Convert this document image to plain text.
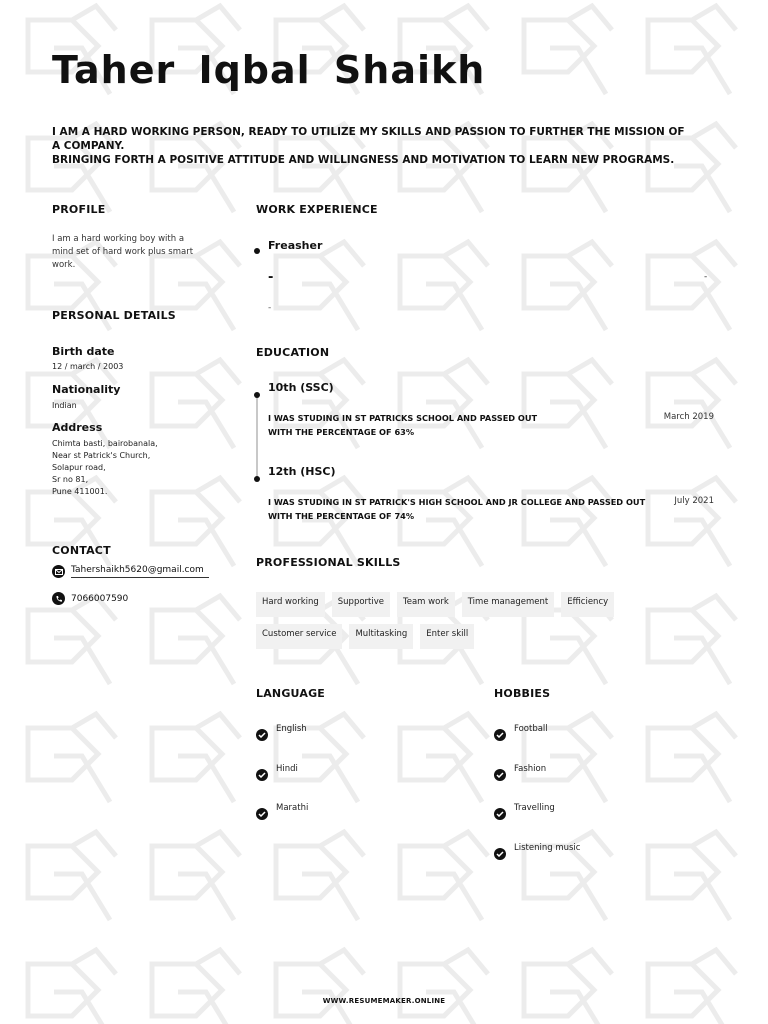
Taher Iqbal Shaikh
I AM A HARD WORKING PERSON, READY TO UTILIZE MY SKILLS AND PASSION TO FURTHER THE MISSION OF A COMPANY.
BRINGING FORTH A POSITIVE ATTITUDE AND WILLINGNESS AND MOTIVATION TO LEARN NEW PROGRAMS.
PROFILE
I am a hard working boy with a mind set of hard work plus smart work.
PERSONAL DETAILS
Birth date
12 / march / 2003
Nationality
Indian
Address
Chimta basti, bairobanala,
Near st Patrick's Church,
Solapur road,
Sr no 81,
Pune 411001.
CONTACT
Tahershaikh5620@gmail.com
7066007590
WORK EXPERIENCE
Freasher
-	-
-
EDUCATION
10th (SSC)
I WAS STUDING IN ST PATRICKS SCHOOL AND PASSED OUT
WITH THE PERCENTAGE OF 63%
March 2019
12th (HSC)
I WAS STUDING IN ST PATRICK'S HIGH SCHOOL AND JR COLLEGE AND PASSED OUT
WITH THE PERCENTAGE OF 74%
July 2021
PROFESSIONAL SKILLS
Hard working	Supportive	Team work	Time management	Efficiency
Customer service	Multitasking	Enter skill
LANGUAGE
English
Hindi
Marathi
HOBBIES
Football
Fashion
Travelling
Listening music
WWW.RESUMEMAKER.ONLINE
